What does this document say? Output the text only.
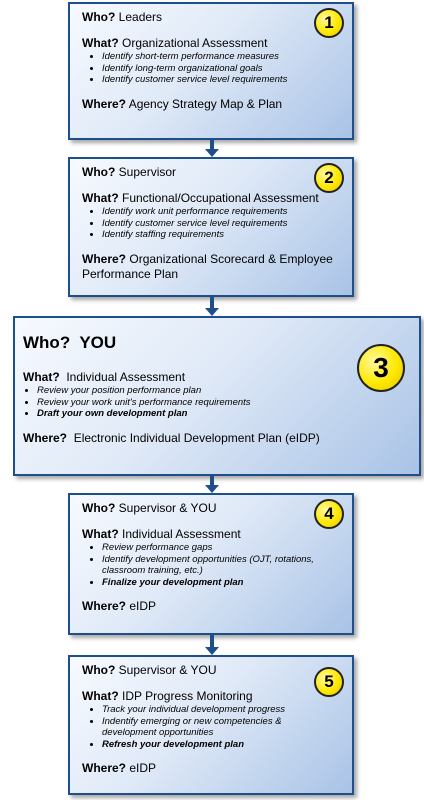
1
Who? Leaders
What? Organizational Assessment
• Identify short-term performance measures
• Identify long-term organizational goals
• Identify customer service level requirements
Where? Agency Strategy Map & Plan
2
Who? Supervisor
What? Functional/Occupational Assessment
• Identify work unit performance requirements
• Identify customer service level requirements
• Identify staffing requirements
Where? Organizational Scorecard & Employee Performance Plan
3
Who? YOU
What? Individual Assessment
• Review your position performance plan
• Review your work unit's performance requirements
• Draft your own development plan
Where? Electronic Individual Development Plan (eIDP)
4
Who? Supervisor & YOU
What? Individual Assessment
• Review performance gaps
• Identify development opportunities (OJT, rotations, classroom training, etc.)
• Finalize your development plan
Where? eIDP
5
Who? Supervisor & YOU
What? IDP Progress Monitoring
• Track your individual development progress
• Indentify emerging or new competencies & development opportunities
• Refresh your development plan
Where? eIDP
